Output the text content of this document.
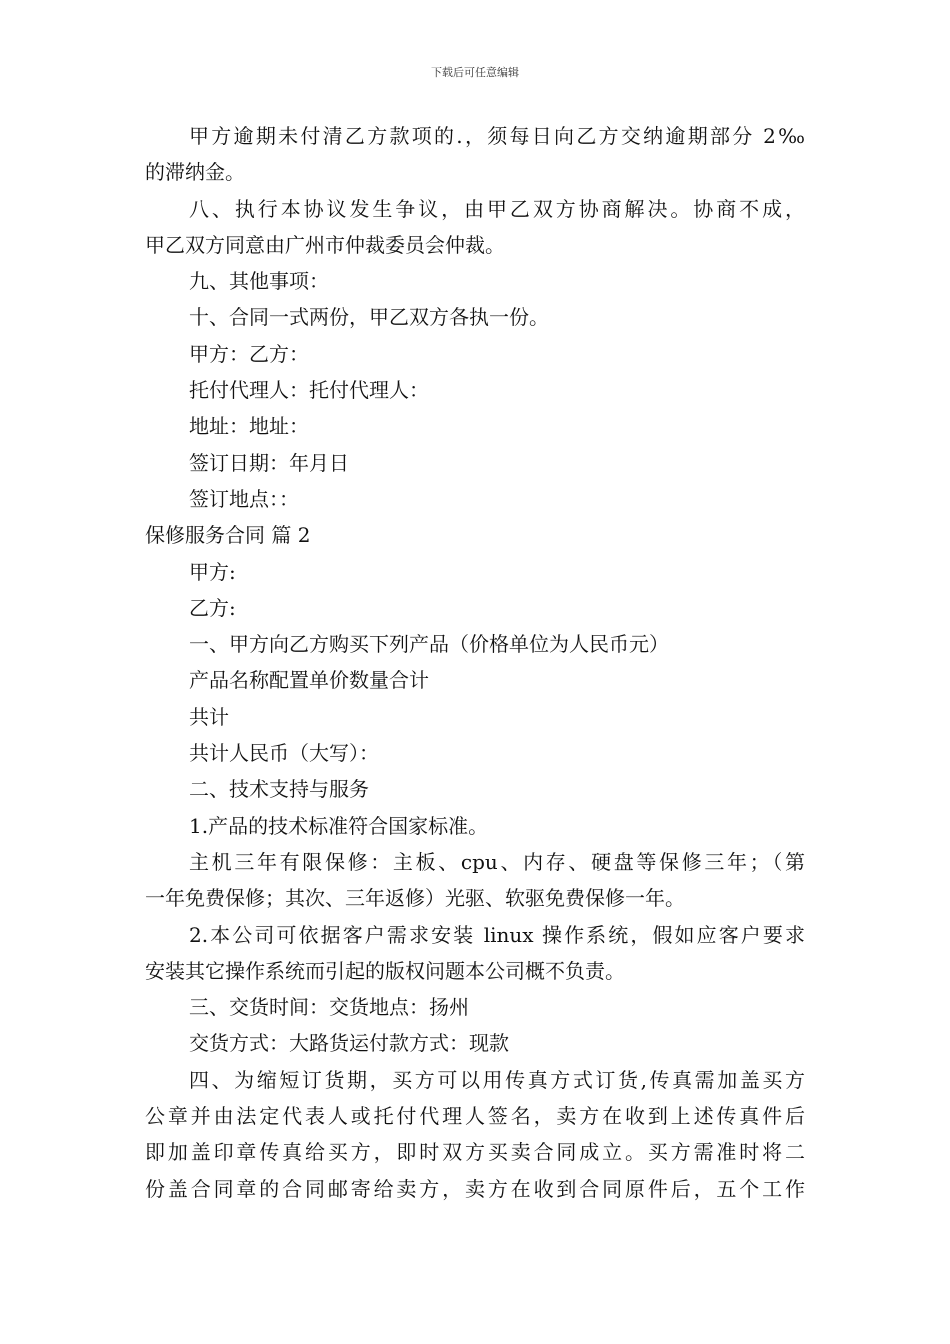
下载后可任意编辑

甲方逾期未付清乙方款项的.，须每日向乙方交纳逾期部分 2‰

的滞纳金。

八、执行本协议发生争议，由甲乙双方协商解决。协商不成，

甲乙双方同意由广州市仲裁委员会仲裁。

九、其他事项：

十、合同一式两份，甲乙双方各执一份。

甲方：乙方：

托付代理人：托付代理人：

地址：地址：

签订日期：年月日

签订地点：：

保修服务合同 篇 2

甲方:

乙方:

一、甲方向乙方购买下列产品（价格单位为人民币元）

产品名称配置单价数量合计

共计

共计人民币（大写）：

二、技术支持与服务

1.产品的技术标准符合国家标准。

主机三年有限保修：主板、cpu、内存、硬盘等保修三年；（第

一年免费保修；其次、三年返修）光驱、软驱免费保修一年。

2.本公司可依据客户需求安装 linux 操作系统，假如应客户要求

安装其它操作系统而引起的版权问题本公司概不负责。

三、交货时间：交货地点：扬州

交货方式：大路货运付款方式：现款

四、为缩短订货期，买方可以用传真方式订货,传真需加盖买方

公章并由法定代表人或托付代理人签名，卖方在收到上述传真件后

即加盖印章传真给买方，即时双方买卖合同成立。买方需准时将二

份盖合同章的合同邮寄给卖方，卖方在收到合同原件后，五个工作
